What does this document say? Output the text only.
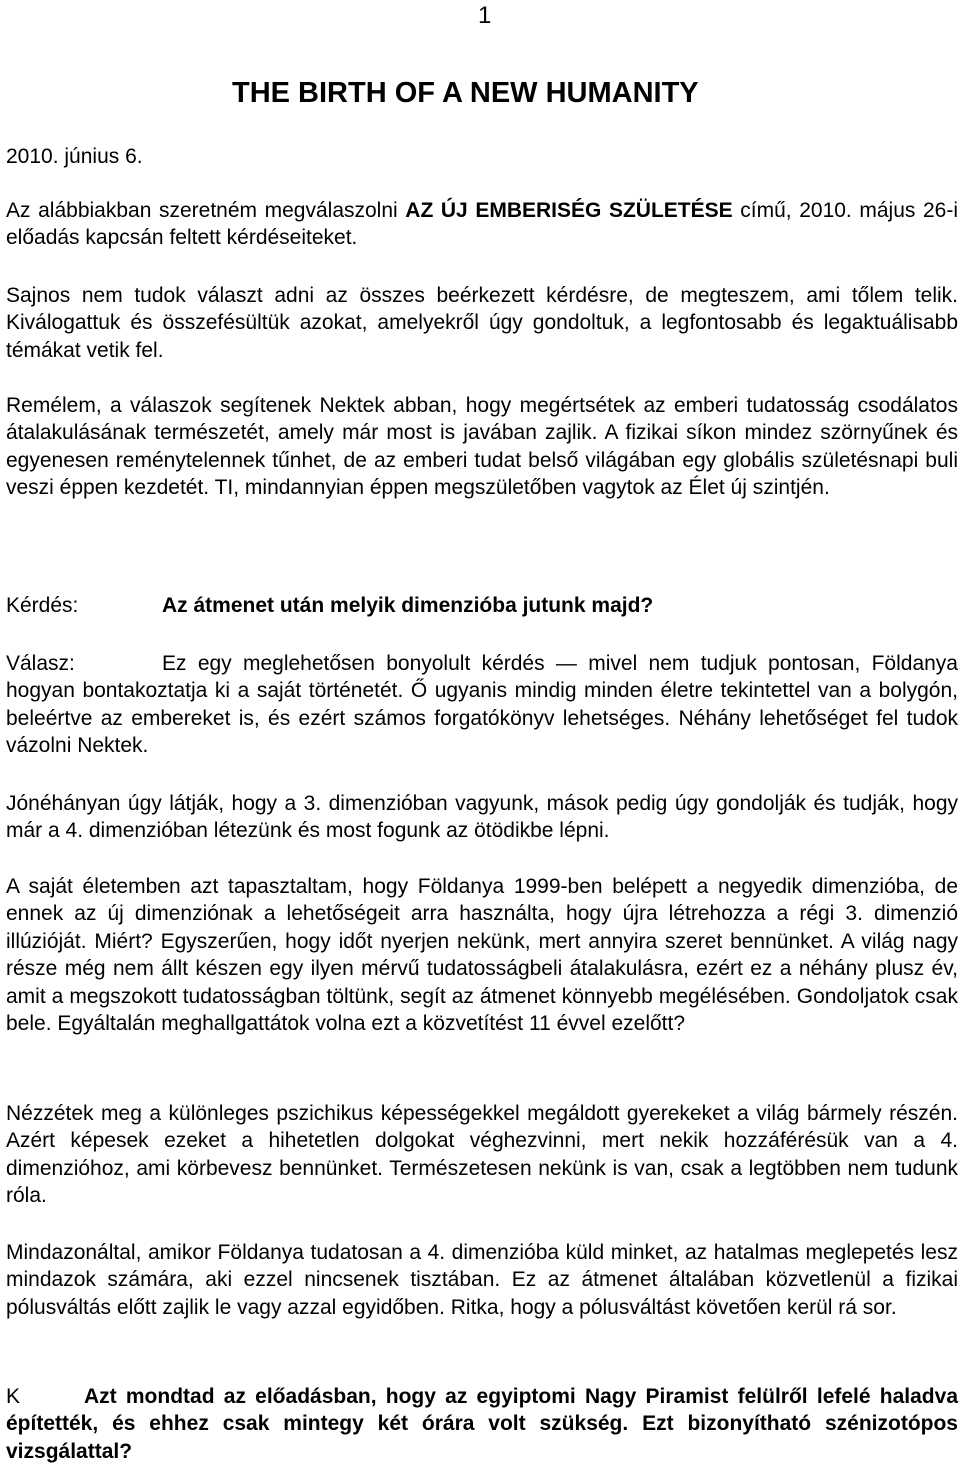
1
THE BIRTH OF A NEW HUMANITY
2010. június 6.
Az alábbiakban szeretném megválaszolni AZ ÚJ EMBERISÉG SZÜLETÉSE című, 2010. május 26-i előadás kapcsán feltett kérdéseiteket.
Sajnos nem tudok választ adni az összes beérkezett kérdésre, de megteszem, ami tőlem telik. Kiválogattuk és összefésültük azokat, amelyekről úgy gondoltuk, a legfontosabb és legaktuálisabb témákat vetik fel.
Remélem, a válaszok segítenek Nektek abban, hogy megértsétek az emberi tudatosság csodálatos átalakulásának természetét, amely már most is javában zajlik. A fizikai síkon mindez szörnyűnek és egyenesen reménytelennek tűnhet, de az emberi tudat belső világában egy globális születésnapi buli veszi éppen kezdetét. TI, mindannyian éppen megszületőben vagytok az Élet új szintjén.
Kérdés:	Az átmenet után melyik dimenzióba jutunk majd?
Válasz:	Ez egy meglehetősen bonyolult kérdés — mivel nem tudjuk pontosan, Földanya hogyan bontakoztatja ki a saját történetét. Ő ugyanis mindig minden életre tekintettel van a bolygón, beleértve az embereket is, és ezért számos forgatókönyv lehetséges. Néhány lehetőséget fel tudok vázolni Nektek.
Jónéhányan úgy látják, hogy a 3. dimenzióban vagyunk, mások pedig úgy gondolják és tudják, hogy már a 4. dimenzióban létezünk és most fogunk az ötödikbe lépni.
A saját életemben azt tapasztaltam, hogy Földanya 1999-ben belépett a negyedik dimenzióba, de ennek az új dimenziónak a lehetőségeit arra használta, hogy újra létrehozza a régi 3. dimenzió illúzióját. Miért? Egyszerűen, hogy időt nyerjen nekünk, mert annyira szeret bennünket. A világ nagy része még nem állt készen egy ilyen mérvű tudatosságbeli átalakulásra, ezért ez a néhány plusz év, amit a megszokott tudatosságban töltünk, segít az átmenet könnyebb megélésében. Gondoljatok csak bele. Egyáltalán meghallgattátok volna ezt a közvetítést 11 évvel ezelőtt?
Nézzétek meg a különleges pszichikus képességekkel megáldott gyerekeket a világ bármely részén. Azért képesek ezeket a hihetetlen dolgokat véghezvinni, mert nekik hozzáférésük van a 4. dimenzióhoz, ami körbevesz bennünket. Természetesen nekünk is van, csak a legtöbben nem tudunk róla.
Mindazonáltal, amikor Földanya tudatosan a 4. dimenzióba küld minket, az hatalmas meglepetés lesz mindazok számára, aki ezzel nincsenek tisztában. Ez az átmenet általában közvetlenül a fizikai pólusváltás előtt zajlik le vagy azzal egyidőben. Ritka, hogy a pólusváltást követően kerül rá sor.
K	Azt mondtad az előadásban, hogy az egyiptomi Nagy Piramist felülről lefelé haladva építették, és ehhez csak mintegy két órára volt szükség. Ezt bizonyítható szénizotópos vizsgálattal?
